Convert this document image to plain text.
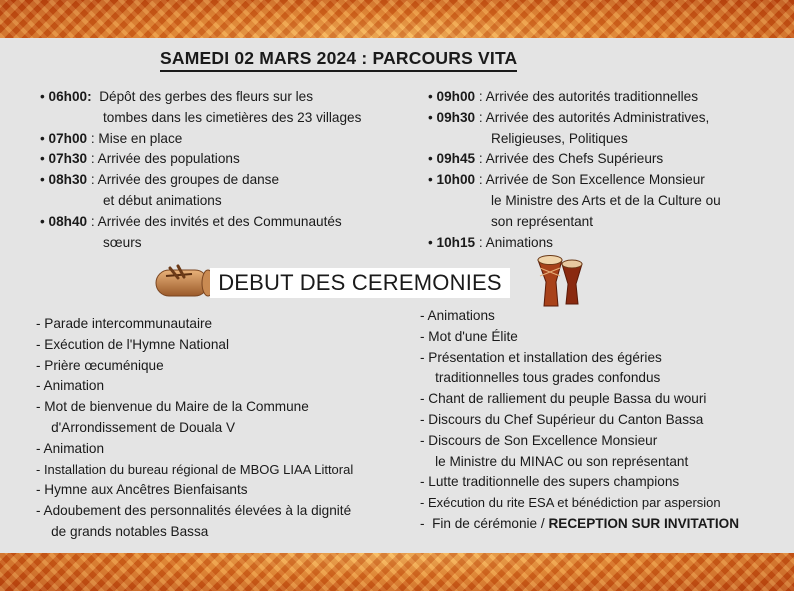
SAMEDI 02 MARS 2024 : PARCOURS VITA
• 06h00: Dépôt des gerbes des fleurs sur les
tombes dans les cimetières des 23 villages
• 07h00 : Mise en place
• 07h30 : Arrivée des populations
• 08h30 : Arrivée des groupes de danse
et début animations
• 08h40 : Arrivée des invités et des Communautés
sœurs
• 09h00 : Arrivée des autorités traditionnelles
• 09h30 : Arrivée des autorités Administratives,
Religieuses, Politiques
• 09h45 : Arrivée des Chefs Supérieurs
• 10h00 : Arrivée de Son Excellence Monsieur
le Ministre des Arts et de la Culture ou
son représentant
• 10h15 : Animations
DEBUT DES CEREMONIES
- Parade intercommunautaire
- Exécution de l'Hymne National
- Prière œcuménique
- Animation
- Mot de bienvenue du Maire de la Commune
d'Arrondissement de Douala V
- Animation
- Installation du bureau régional de MBOG LIAA Littoral
- Hymne aux Ancêtres Bienfaisants
- Adoubement des personnalités élevées à la dignité
de grands notables Bassa
- Animations
- Mot d'une Élite
- Présentation et installation des égéries
traditionnelles tous grades confondus
- Chant de ralliement du peuple Bassa du wouri
- Discours du Chef Supérieur du Canton Bassa
- Discours de Son Excellence Monsieur
le Ministre du MINAC ou son représentant
- Lutte traditionnelle des supers champions
- Exécution du rite ESA et bénédiction par aspersion
-  Fin de cérémonie / RECEPTION SUR INVITATION
